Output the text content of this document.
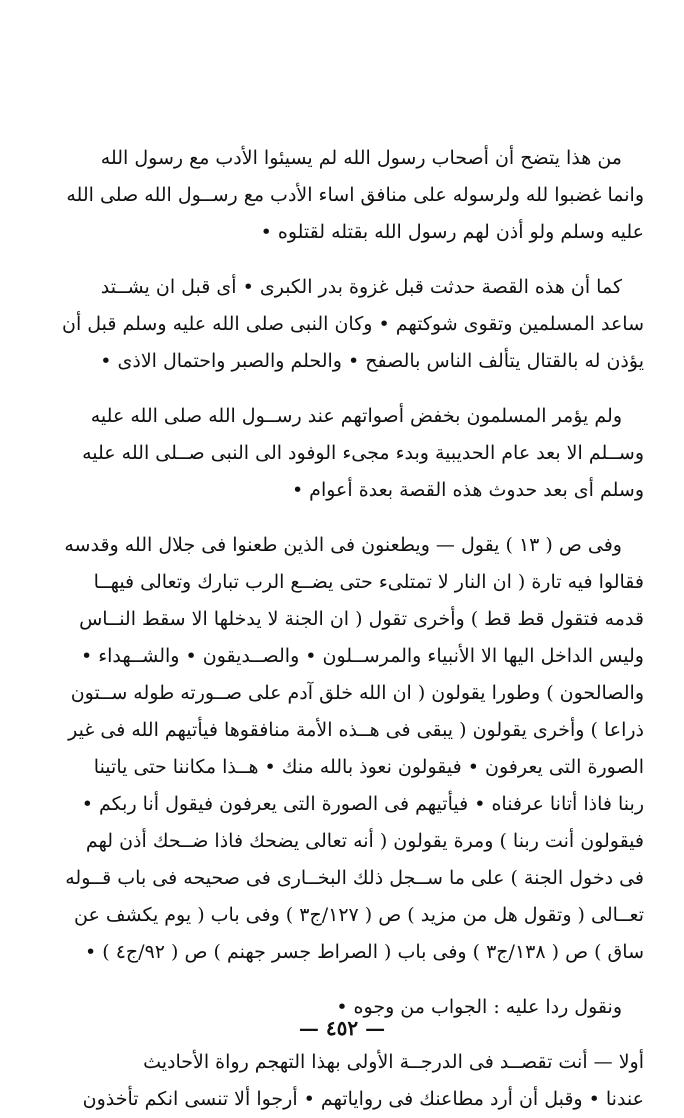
من هذا يتضح أن أصحاب رسول الله لم يسيئوا الأدب مع رسول الله
وانما غضبوا لله ولرسوله على منافق اساء الأدب مع رســول الله صلى الله
عليه وسلم ولو أذن لهم رسول الله بقتله لقتلوه •

كما أن هذه القصة حدثت قبل غزوة بدر الكبرى • أى قبل ان يشــتد
ساعد المسلمين وتقوى شوكتهم • وكان النبى صلى الله عليه وسلم قبل أن
يؤذن له بالقتال يتألف الناس بالصفح • والحلم والصبر واحتمال الاذى •

ولم يؤمر المسلمون بخفض أصواتهم عند رســول الله صلى الله عليه
وســلم الا بعد عام الحديبية وبدء مجىء الوفود الى النبى صــلى الله عليه
وسلم أى بعد حدوث هذه القصة بعدة أعوام •

وفى ص ( ١٣ ) يقول — ويطعنون فى الذين طعنوا فى جلال الله وقدسه
فقالوا فيه تارة ( ان النار لا تمتلىء حتى يضــع الرب تبارك وتعالى فيهــا
قدمه فتقول قط قط ) وأخرى تقول ( ان الجنة لا يدخلها الا سقط النــاس
وليس الداخل اليها الا الأنبياء والمرســلون • والصــديقون • والشــهداء •
والصالحون ) وطورا يقولون ( ان الله خلق آدم على صــورته طوله ســتون
ذراعا ) وأخرى يقولون ( يبقى فى هــذه الأمة منافقوها فيأتيهم الله فى غير
الصورة التى يعرفون • فيقولون نعوذ بالله منك • هــذا مكاننا حتى ياتينا
ربنا فاذا أتانا عرفناه • فيأتيهم فى الصورة التى يعرفون فيقول أنا ربكم •
فيقولون أنت ربنا ) ومرة يقولون ( أنه تعالى يضحك فاذا ضــحك أذن لهم
فى دخول الجنة ) على ما ســجل ذلك البخــارى فى صحيحه فى باب قــوله
تعــالى ( وتقول هل من مزيد ) ص ( ١٢٧/ج٣ ) وفى باب ( يوم يكشف عن
ساق ) ص ( ١٣٨/ج٣ ) وفى باب ( الصراط جسر جهنم ) ص ( ٩٢/ج٤ ) •

ونقول ردا عليه : الجواب من وجوه •

أولا — أنت تقصــد فى الدرجــة الأولى بهذا التهجم رواة الأحاديث
عندنا • وقبل أن أرد مطاعنك فى رواياتهم • أرجوا ألا تنسى انكم تأخذون

— ٤٥٢ —
